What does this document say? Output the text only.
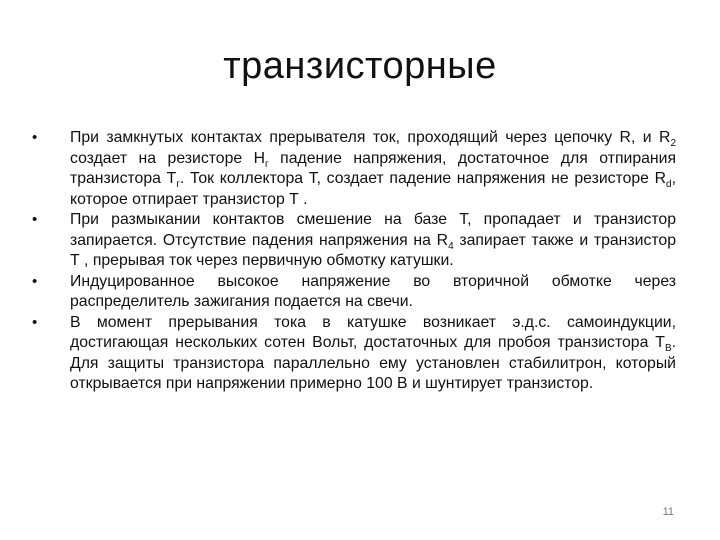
транзисторные
• При замкнутых контактах прерывателя ток, проходящий через цепочку R, и $R_2$ создает на резисторе $Н_г$ падение напряжения, достаточное для отпирания транзистора $Т_г$. Ток коллектора Т, создает падение напряжения не резисторе $R_d$, которое отпирает транзистор Т .
• При размыкании контактов смешение на базе Т, пропадает и транзистор запирается. Отсутствие падения напряжения на $R_4$ запирает также и транзистор Т , прерывая ток через первичную обмотку катушки.
• Индуцированное высокое напряжение во вторичной обмотке через распределитель зажигания подается на свечи.
• В момент прерывания тока в катушке возникает э.д.с. самоиндукции, достигающая нескольких сотен Вольт, достаточных для пробоя транзистора $Т_В$. Для защиты транзистора параллельно ему установлен стабилитрон, который открывается при напряжении примерно 100 В и шунтирует транзистор.
11
